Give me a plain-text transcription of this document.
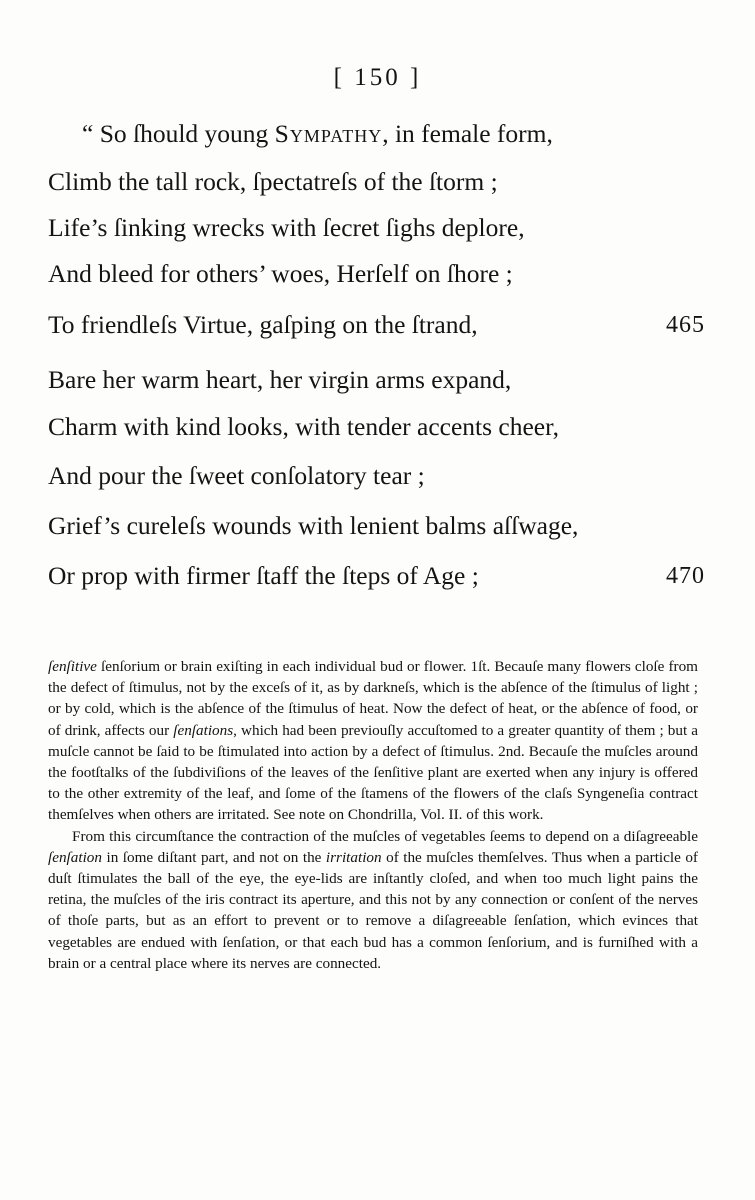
[ 150 ]
“ So ſhould young Sympathy, in female form,
Climb the tall rock, ſpectatreſs of the ſtorm ;
Life’s ſinking wrecks with ſecret ſighs deplore,
And bleed for others’ woes, Herſelf on ſhore ;
To friendleſs Virtue, gaſping on the ſtrand,	465
Bare her warm heart, her virgin arms expand,
Charm with kind looks, with tender accents cheer,
And pour the ſweet conſolatory tear ;
Grief’s cureleſs wounds with lenient balms aſſwage,
Or prop with firmer ſtaff the ſteps of Age ;	470

ſenſitive ſenſorium or brain exiſting in each individual bud or flower. 1ſt. Becauſe many flowers cloſe from the defect of ſtimulus, not by the exceſs of it, as by darkneſs, which is the abſence of the ſtimulus of light ; or by cold, which is the abſence of the ſtimulus of heat. Now the defect of heat, or the abſence of food, or of drink, affects our ſenſations, which had been previouſly accuſtomed to a greater quantity of them ; but a muſcle cannot be ſaid to be ſtimulated into action by a defect of ſtimulus. 2nd. Becauſe the muſcles around the footſtalks of the ſubdiviſions of the leaves of the ſenſitive plant are exerted when any injury is offered to the other extremity of the leaf, and ſome of the ſtamens of the flowers of the claſs Syngeneſia contract themſelves when others are irritated. See note on Chondrilla, Vol. II. of this work.

From this circumſtance the contraction of the muſcles of vegetables ſeems to depend on a diſagreeable ſenſation in ſome diſtant part, and not on the irritation of the muſcles themſelves. Thus when a particle of duſt ſtimulates the ball of the eye, the eye-lids are inſtantly cloſed, and when too much light pains the retina, the muſcles of the iris contract its aperture, and this not by any connection or conſent of the nerves of thoſe parts, but as an effort to prevent or to remove a diſagreeable ſenſation, which evinces that vegetables are endued with ſenſation, or that each bud has a common ſenſorium, and is furniſhed with a brain or a central place where its nerves are connected.
